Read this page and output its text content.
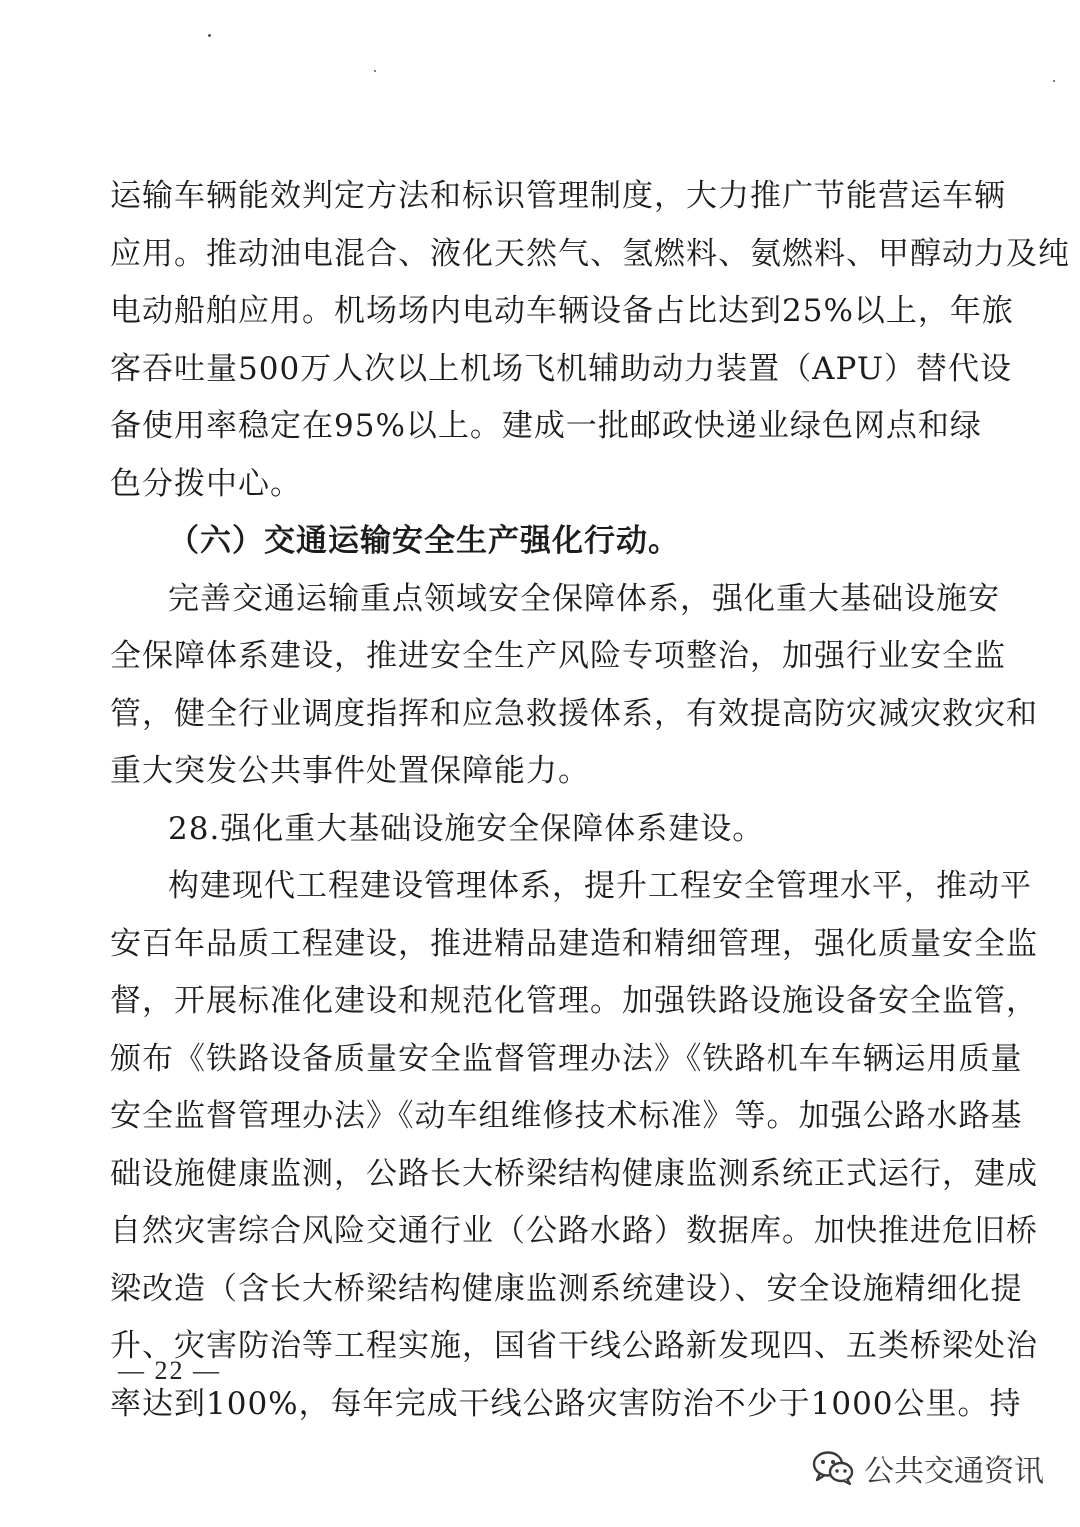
运输车辆能效判定方法和标识管理制度，大力推广节能营运车辆
应用。推动油电混合、液化天然气、氢燃料、氨燃料、甲醇动力及纯
电动船舶应用。机场场内电动车辆设备占比达到25%以上，年旅
客吞吐量500万人次以上机场飞机辅助动力装置（APU）替代设
备使用率稳定在95%以上。建成一批邮政快递业绿色网点和绿
色分拨中心。
（六）交通运输安全生产强化行动。
完善交通运输重点领域安全保障体系，强化重大基础设施安
全保障体系建设，推进安全生产风险专项整治，加强行业安全监
管，健全行业调度指挥和应急救援体系，有效提高防灾减灾救灾和
重大突发公共事件处置保障能力。
28.强化重大基础设施安全保障体系建设。
构建现代工程建设管理体系，提升工程安全管理水平，推动平
安百年品质工程建设，推进精品建造和精细管理，强化质量安全监
督，开展标准化建设和规范化管理。加强铁路设施设备安全监管，
颁布《铁路设备质量安全监督管理办法》《铁路机车车辆运用质量
安全监督管理办法》《动车组维修技术标准》等。加强公路水路基
础设施健康监测，公路长大桥梁结构健康监测系统正式运行，建成
自然灾害综合风险交通行业（公路水路）数据库。加快推进危旧桥
梁改造（含长大桥梁结构健康监测系统建设）、安全设施精细化提
升、灾害防治等工程实施，国省干线公路新发现四、五类桥梁处治
率达到100%，每年完成干线公路灾害防治不少于1000公里。持
— 22 —
公共交通资讯
